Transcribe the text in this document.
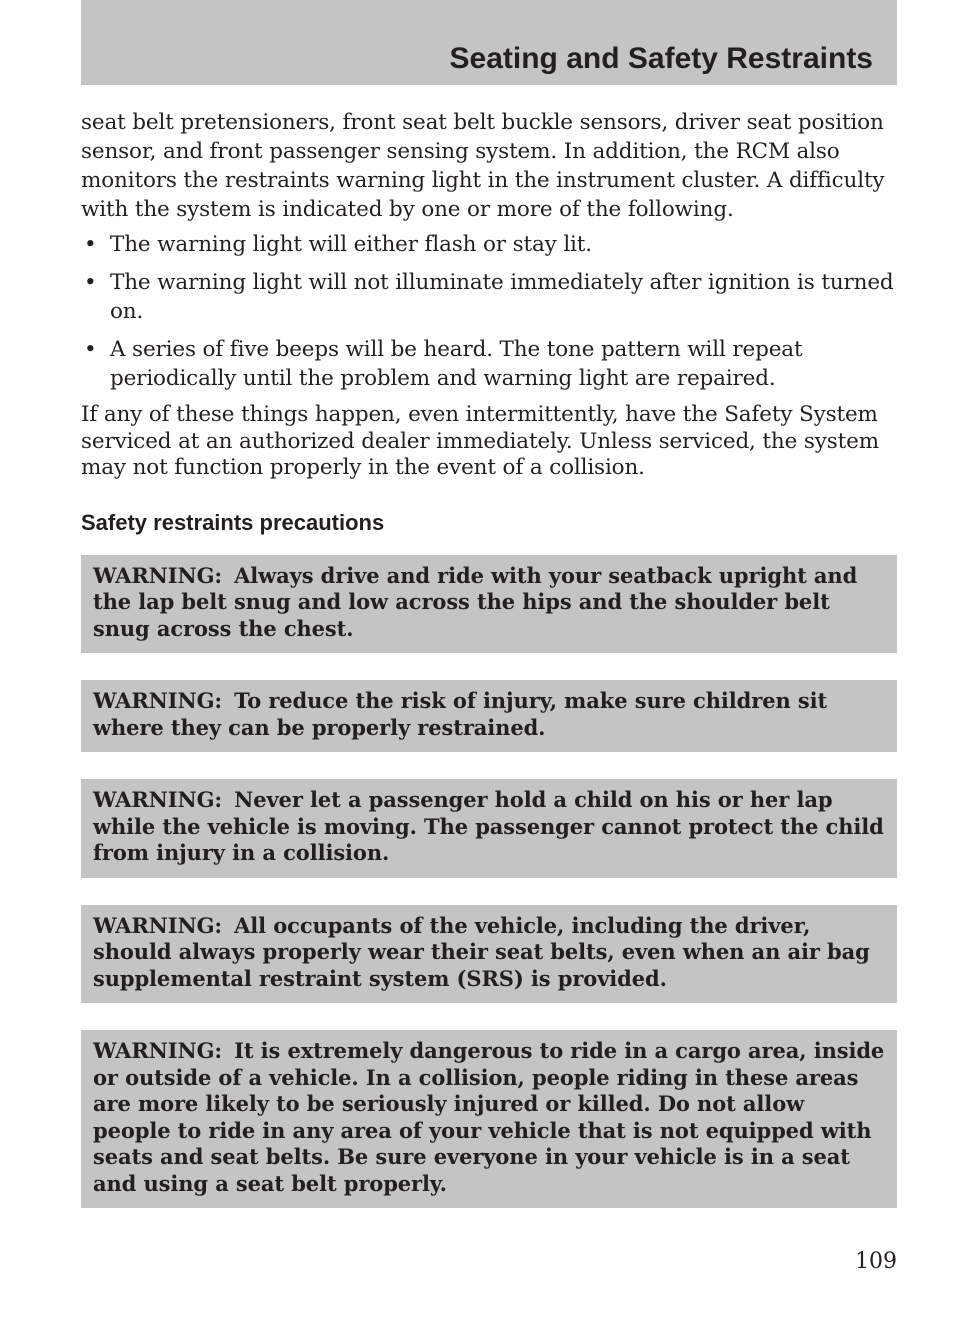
Seating and Safety Restraints

seat belt pretensioners, front seat belt buckle sensors, driver seat position sensor, and front passenger sensing system. In addition, the RCM also monitors the restraints warning light in the instrument cluster. A difficulty with the system is indicated by one or more of the following.

• The warning light will either flash or stay lit.
• The warning light will not illuminate immediately after ignition is turned on.
• A series of five beeps will be heard. The tone pattern will repeat periodically until the problem and warning light are repaired.

If any of these things happen, even intermittently, have the Safety System serviced at an authorized dealer immediately. Unless serviced, the system may not function properly in the event of a collision.

Safety restraints precautions
WARNING: Always drive and ride with your seatback upright and the lap belt snug and low across the hips and the shoulder belt snug across the chest.
WARNING: To reduce the risk of injury, make sure children sit where they can be properly restrained.
WARNING: Never let a passenger hold a child on his or her lap while the vehicle is moving. The passenger cannot protect the child from injury in a collision.
WARNING: All occupants of the vehicle, including the driver, should always properly wear their seat belts, even when an air bag supplemental restraint system (SRS) is provided.
WARNING: It is extremely dangerous to ride in a cargo area, inside or outside of a vehicle. In a collision, people riding in these areas are more likely to be seriously injured or killed. Do not allow people to ride in any area of your vehicle that is not equipped with seats and seat belts. Be sure everyone in your vehicle is in a seat and using a seat belt properly.
109
